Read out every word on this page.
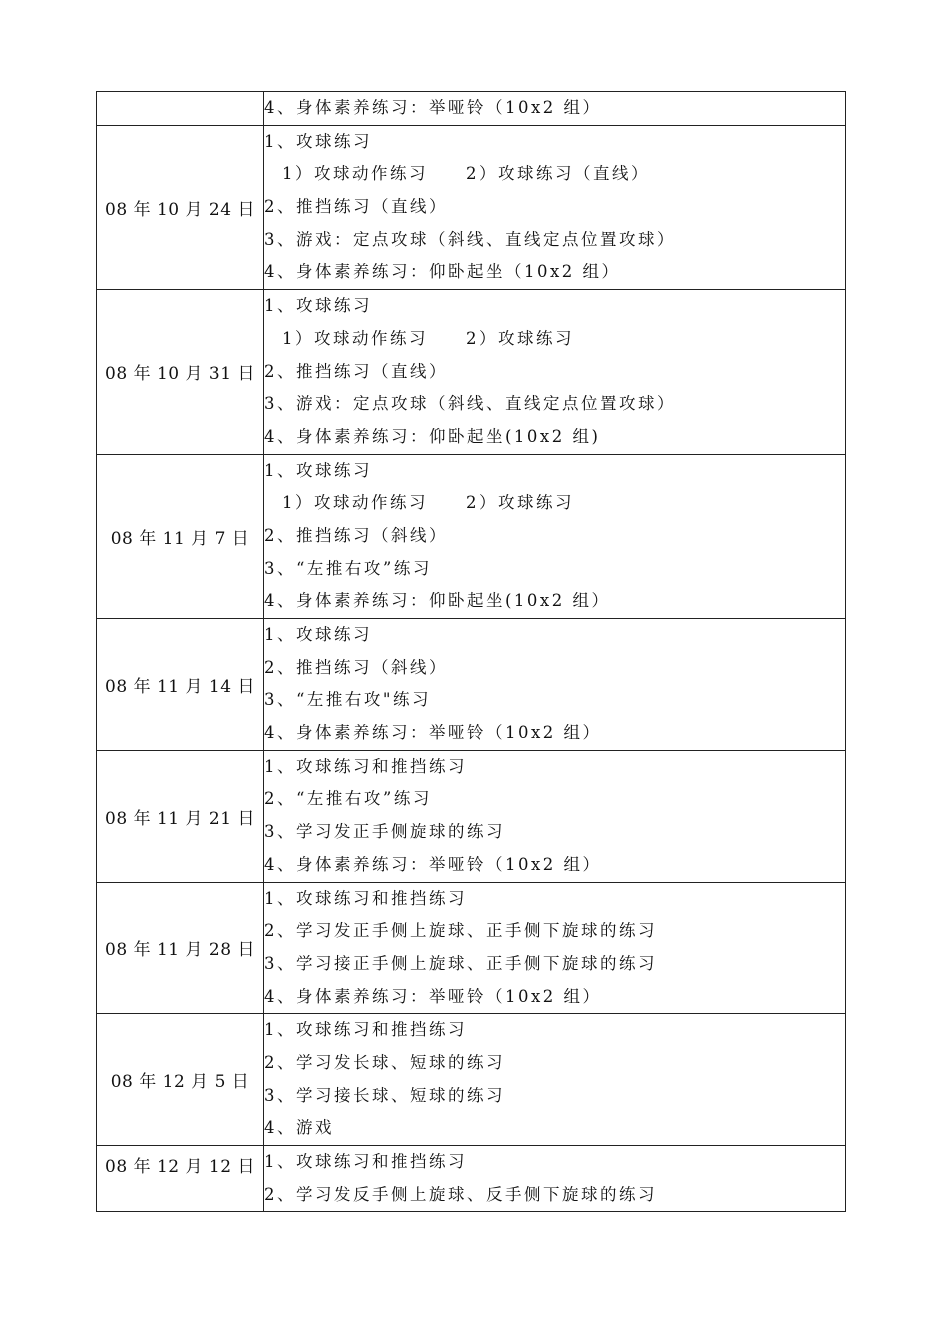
	4、身体素养练习：举哑铃（10x2 组）

08 年 10 月 24 日	1、攻球练习
1）攻球动作练习　　2）攻球练习（直线）
2、推挡练习（直线）
3、游戏：定点攻球（斜线、直线定点位置攻球）
4、身体素养练习：仰卧起坐（10x2 组）

08 年 10 月 31 日	1、攻球练习
1）攻球动作练习　　2）攻球练习
2、推挡练习（直线）
3、游戏：定点攻球（斜线、直线定点位置攻球）
4、身体素养练习：仰卧起坐(10x2 组)

08 年 11 月 7 日	1、攻球练习
1）攻球动作练习　　2）攻球练习
2、推挡练习（斜线）
3、“左推右攻”练习
4、身体素养练习：仰卧起坐(10x2 组）

08 年 11 月 14 日	1、攻球练习
2、推挡练习（斜线）
3、“左推右攻"练习
4、身体素养练习：举哑铃（10x2 组）

08 年 11 月 21 日	1、攻球练习和推挡练习
2、“左推右攻”练习
3、学习发正手侧旋球的练习
4、身体素养练习：举哑铃（10x2 组）

08 年 11 月 28 日	1、攻球练习和推挡练习
2、学习发正手侧上旋球、正手侧下旋球的练习
3、学习接正手侧上旋球、正手侧下旋球的练习
4、身体素养练习：举哑铃（10x2 组）

08 年 12 月 5 日	1、攻球练习和推挡练习
2、学习发长球、短球的练习
3、学习接长球、短球的练习
4、游戏

08 年 12 月 12 日	1、攻球练习和推挡练习
2、学习发反手侧上旋球、反手侧下旋球的练习
